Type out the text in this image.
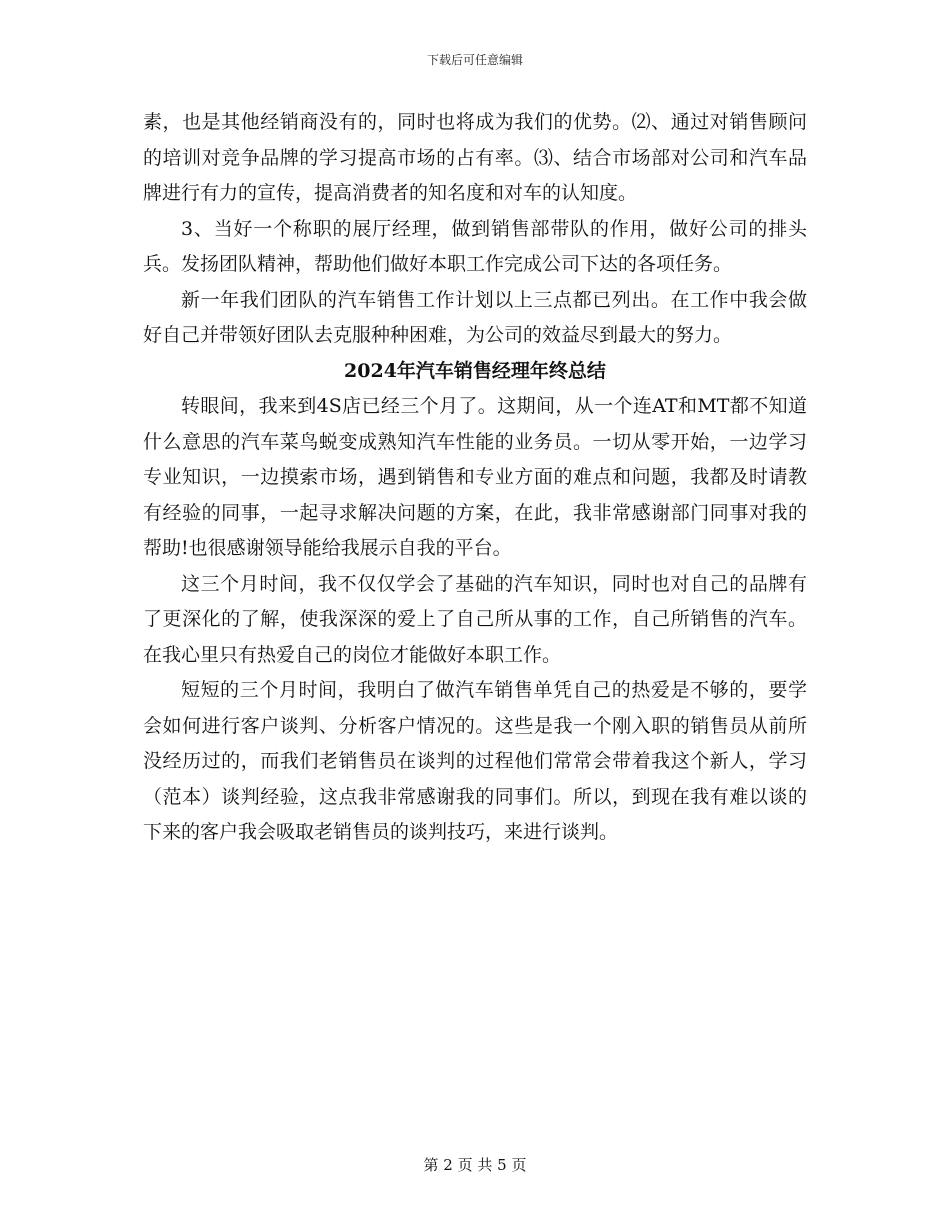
下载后可任意编辑

素，也是其他经销商没有的，同时也将成为我们的优势。⑵、通过对销售顾问的培训对竞争品牌的学习提高市场的占有率。⑶、结合市场部对公司和汽车品牌进行有力的宣传，提高消费者的知名度和对车的认知度。

3、当好一个称职的展厅经理，做到销售部带队的作用，做好公司的排头兵。发扬团队精神，帮助他们做好本职工作完成公司下达的各项任务。

新一年我们团队的汽车销售工作计划以上三点都已列出。在工作中我会做好自己并带领好团队去克服种种困难，为公司的效益尽到最大的努力。

2024年汽车销售经理年终总结

转眼间，我来到4S店已经三个月了。这期间，从一个连AT和MT都不知道什么意思的汽车菜鸟蜕变成熟知汽车性能的业务员。一切从零开始，一边学习专业知识，一边摸索市场，遇到销售和专业方面的难点和问题，我都及时请教有经验的同事，一起寻求解决问题的方案，在此，我非常感谢部门同事对我的帮助!也很感谢领导能给我展示自我的平台。

这三个月时间，我不仅仅学会了基础的汽车知识，同时也对自己的品牌有了更深化的了解，使我深深的爱上了自己所从事的工作，自己所销售的汽车。在我心里只有热爱自己的岗位才能做好本职工作。

短短的三个月时间，我明白了做汽车销售单凭自己的热爱是不够的，要学会如何进行客户谈判、分析客户情况的。这些是我一个刚入职的销售员从前所没经历过的，而我们老销售员在谈判的过程他们常常会带着我这个新人，学习（范本）谈判经验，这点我非常感谢我的同事们。所以，到现在我有难以谈的下来的客户我会吸取老销售员的谈判技巧，来进行谈判。

第 2 页 共 5 页
